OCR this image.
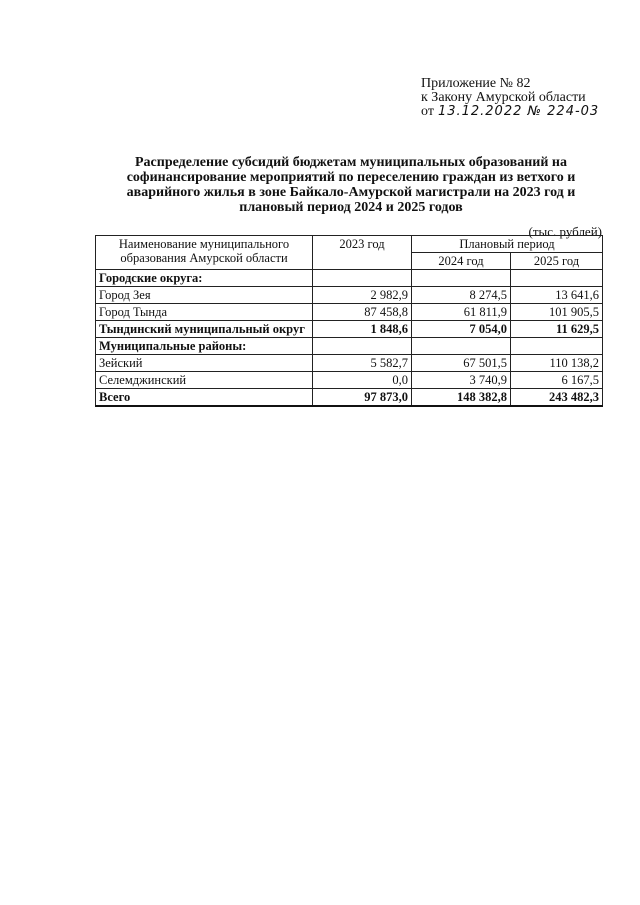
Приложение № 82
к Закону Амурской области
от 13.12.2022 № 224-03
Распределение субсидий бюджетам муниципальных образований на софинансирование мероприятий по переселению граждан из ветхого и аварийного жилья в зоне Байкало-Амурской магистрали на 2023 год и плановый период 2024 и 2025 годов
(тыс. рублей)
Наименование муниципального образования Амурской области	2023 год	Плановый период	
		2024 год	2025 год
Городские округа:			
Город Зея	2 982,9	8 274,5	13 641,6
Город Тында	87 458,8	61 811,9	101 905,5
Тындинский муниципальный округ	1 848,6	7 054,0	11 629,5
Муниципальные районы:			
Зейский	5 582,7	67 501,5	110 138,2
Селемджинский	0,0	3 740,9	6 167,5
Всего	97 873,0	148 382,8	243 482,3
